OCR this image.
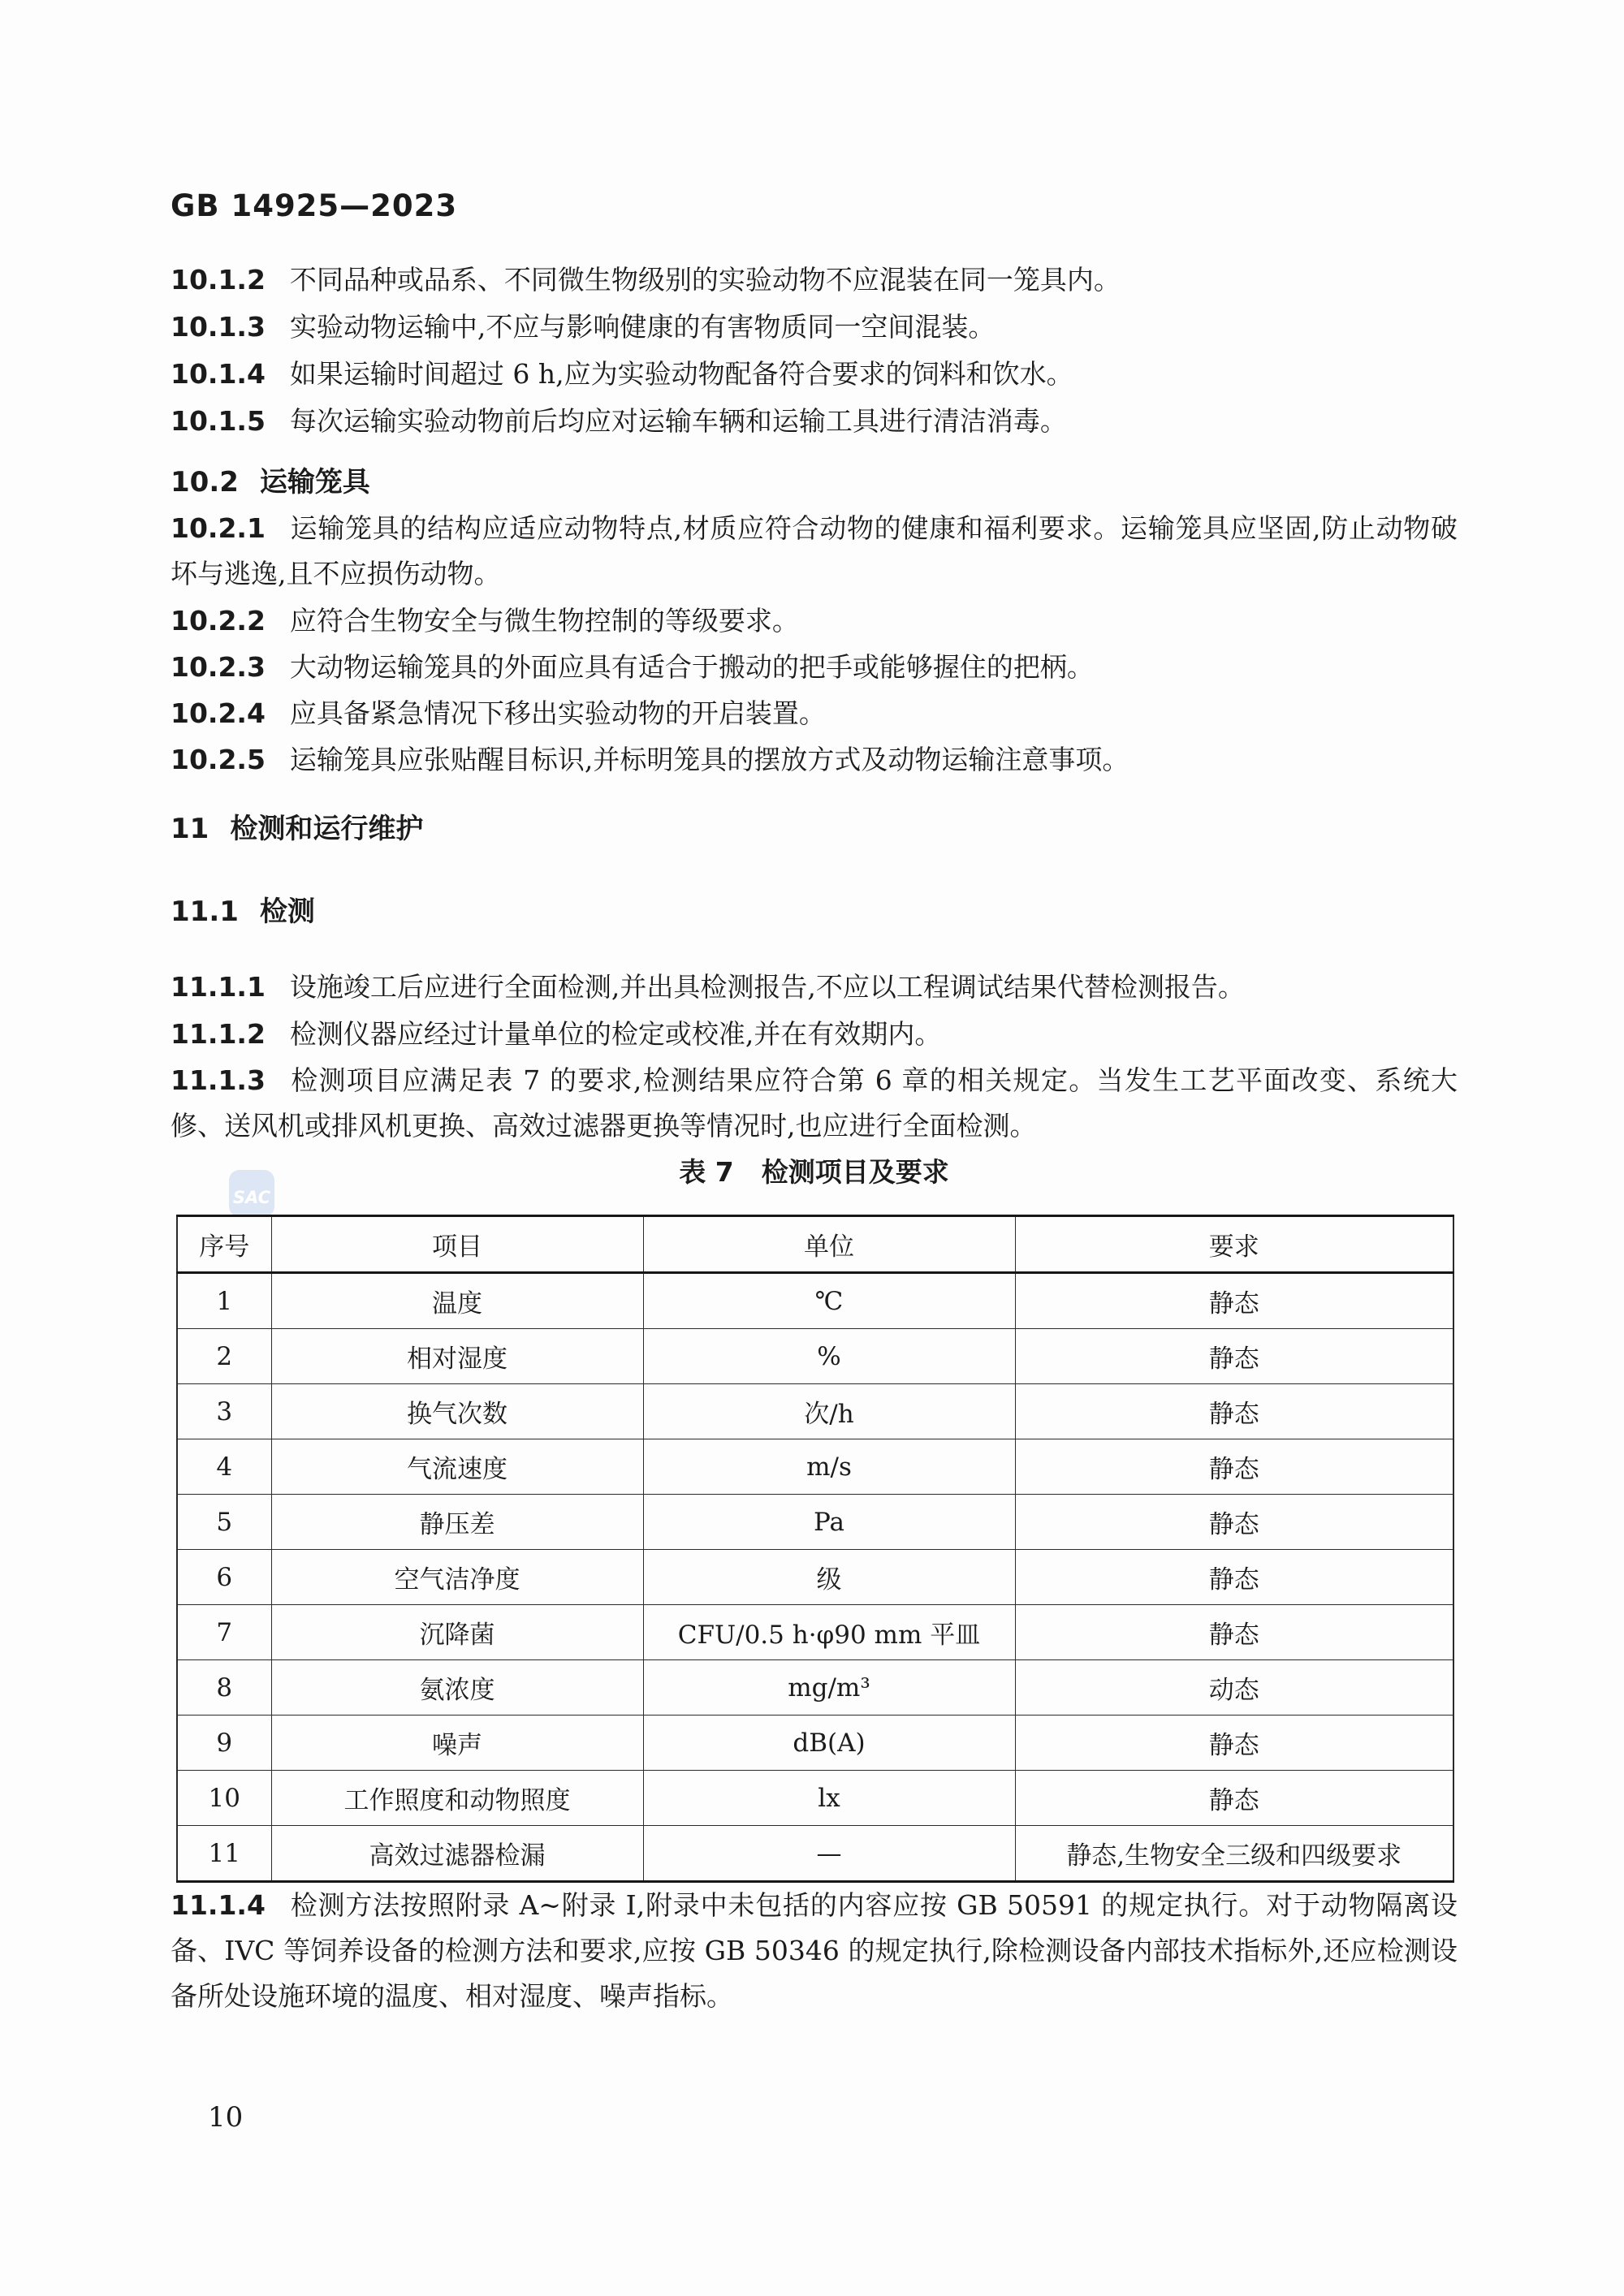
SAC
GB 14925—2023

10.1.2 不同品种或品系、不同微生物级别的实验动物不应混装在同一笼具内。

10.1.3 实验动物运输中,不应与影响健康的有害物质同一空间混装。

10.1.4 如果运输时间超过 6 h,应为实验动物配备符合要求的饲料和饮水。

10.1.5 每次运输实验动物前后均应对运输车辆和运输工具进行清洁消毒。

10.2 运输笼具

10.2.1 运输笼具的结构应适应动物特点,材质应符合动物的健康和福利要求。运输笼具应坚固,防止动物破坏与逃逸,且不应损伤动物。

10.2.2 应符合生物安全与微生物控制的等级要求。

10.2.3 大动物运输笼具的外面应具有适合于搬动的把手或能够握住的把柄。

10.2.4 应具备紧急情况下移出实验动物的开启装置。

10.2.5 运输笼具应张贴醒目标识,并标明笼具的摆放方式及动物运输注意事项。

11 检测和运行维护
11.1 检测

11.1.1 设施竣工后应进行全面检测,并出具检测报告,不应以工程调试结果代替检测报告。

11.1.2 检测仪器应经过计量单位的检定或校准,并在有效期内。

11.1.3 检测项目应满足表 7 的要求,检测结果应符合第 6 章的相关规定。当发生工艺平面改变、系统大修、送风机或排风机更换、高效过滤器更换等情况时,也应进行全面检测。

表 7 检测项目及要求

序号	项目	单位	要求
1	温度	℃	静态
2	相对湿度	%	静态
3	换气次数	次/h	静态
4	气流速度	m/s	静态
5	静压差	Pa	静态
6	空气洁净度	级	静态
7	沉降菌	CFU/0.5 h·φ90 mm 平皿	静态
8	氨浓度	mg/m³	动态
9	噪声	dB(A)	静态
10	工作照度和动物照度	lx	静态
11	高效过滤器检漏	—	静态,生物安全三级和四级要求

11.1.4 检测方法按照附录 A~附录 I,附录中未包括的内容应按 GB 50591 的规定执行。对于动物隔离设备、IVC 等饲养设备的检测方法和要求,应按 GB 50346 的规定执行,除检测设备内部技术指标外,还应检测设备所处设施环境的温度、相对湿度、噪声指标。

10
